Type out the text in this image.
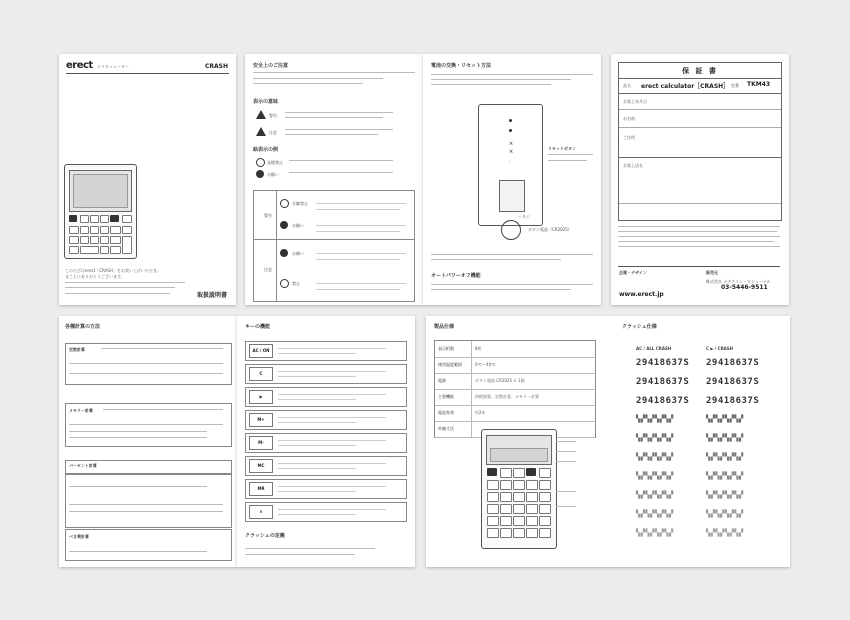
erect エリキュレーター	CRASH
このたびはerect「CRASH」をお買い上げいただき、
まことにありがとうございます。
取扱説明書
安全上のご注意
表示の意味
警告
注意
絵表示の例
発煙禁止
お願い
警告
注意
分解禁止
お願い
お願い
禁止
電池の交換・リセット方法
×
×
·
リセットボタン
＋ネジ
ボタン電池（CR2025）
オートパワーオフ機能
保 証 書
品名 erect calculator［CRASH］ 型番 TKM43
お買上年月日
お名前
ご住所
お買上店名
企画・デザイン	販売元
株式会社 ナデクイン・マシューナル
03-5446-9511
www.erect.jp
各種計算の方法
定数計算
メモリー計算
パーセント計算
べき乗計算
キーの機能
AC / ON
C
▶
M+
M-
MC
MR
×
クラッシュの定義
製品仕様
表示桁数	8桁
使用温度範囲	0℃〜40℃
電源	ボタン電池 CR2025 × 1個
主要機能	四則演算、定数計算、メモリー計算
電池寿命	約2年
外観寸法
クラッシュ仕様
AC / ALL CRASH	C ▶ / CRASH
29418637S 29418637S
29418637S 29418637S
29418637S 29418637S
▚▞▚▞▚▞▚▞	▚▞▚▞▚▞▚▞
▚▞▚▞▚▞▚▞	▚▞▚▞▚▞▚▞
▚▞▚▞▚▞▚▞	▚▞▚▞▚▞▚▞
▚▞▚▞▚▞▚▞	▚▞▚▞▚▞▚▞
▚▞▚▞▚▞▚▞	▚▞▚▞▚▞▚▞
▚▞▚▞▚▞▚▞	▚▞▚▞▚▞▚▞
▚▞▚▞▚▞▚▞	▚▞▚▞▚▞▚▞
